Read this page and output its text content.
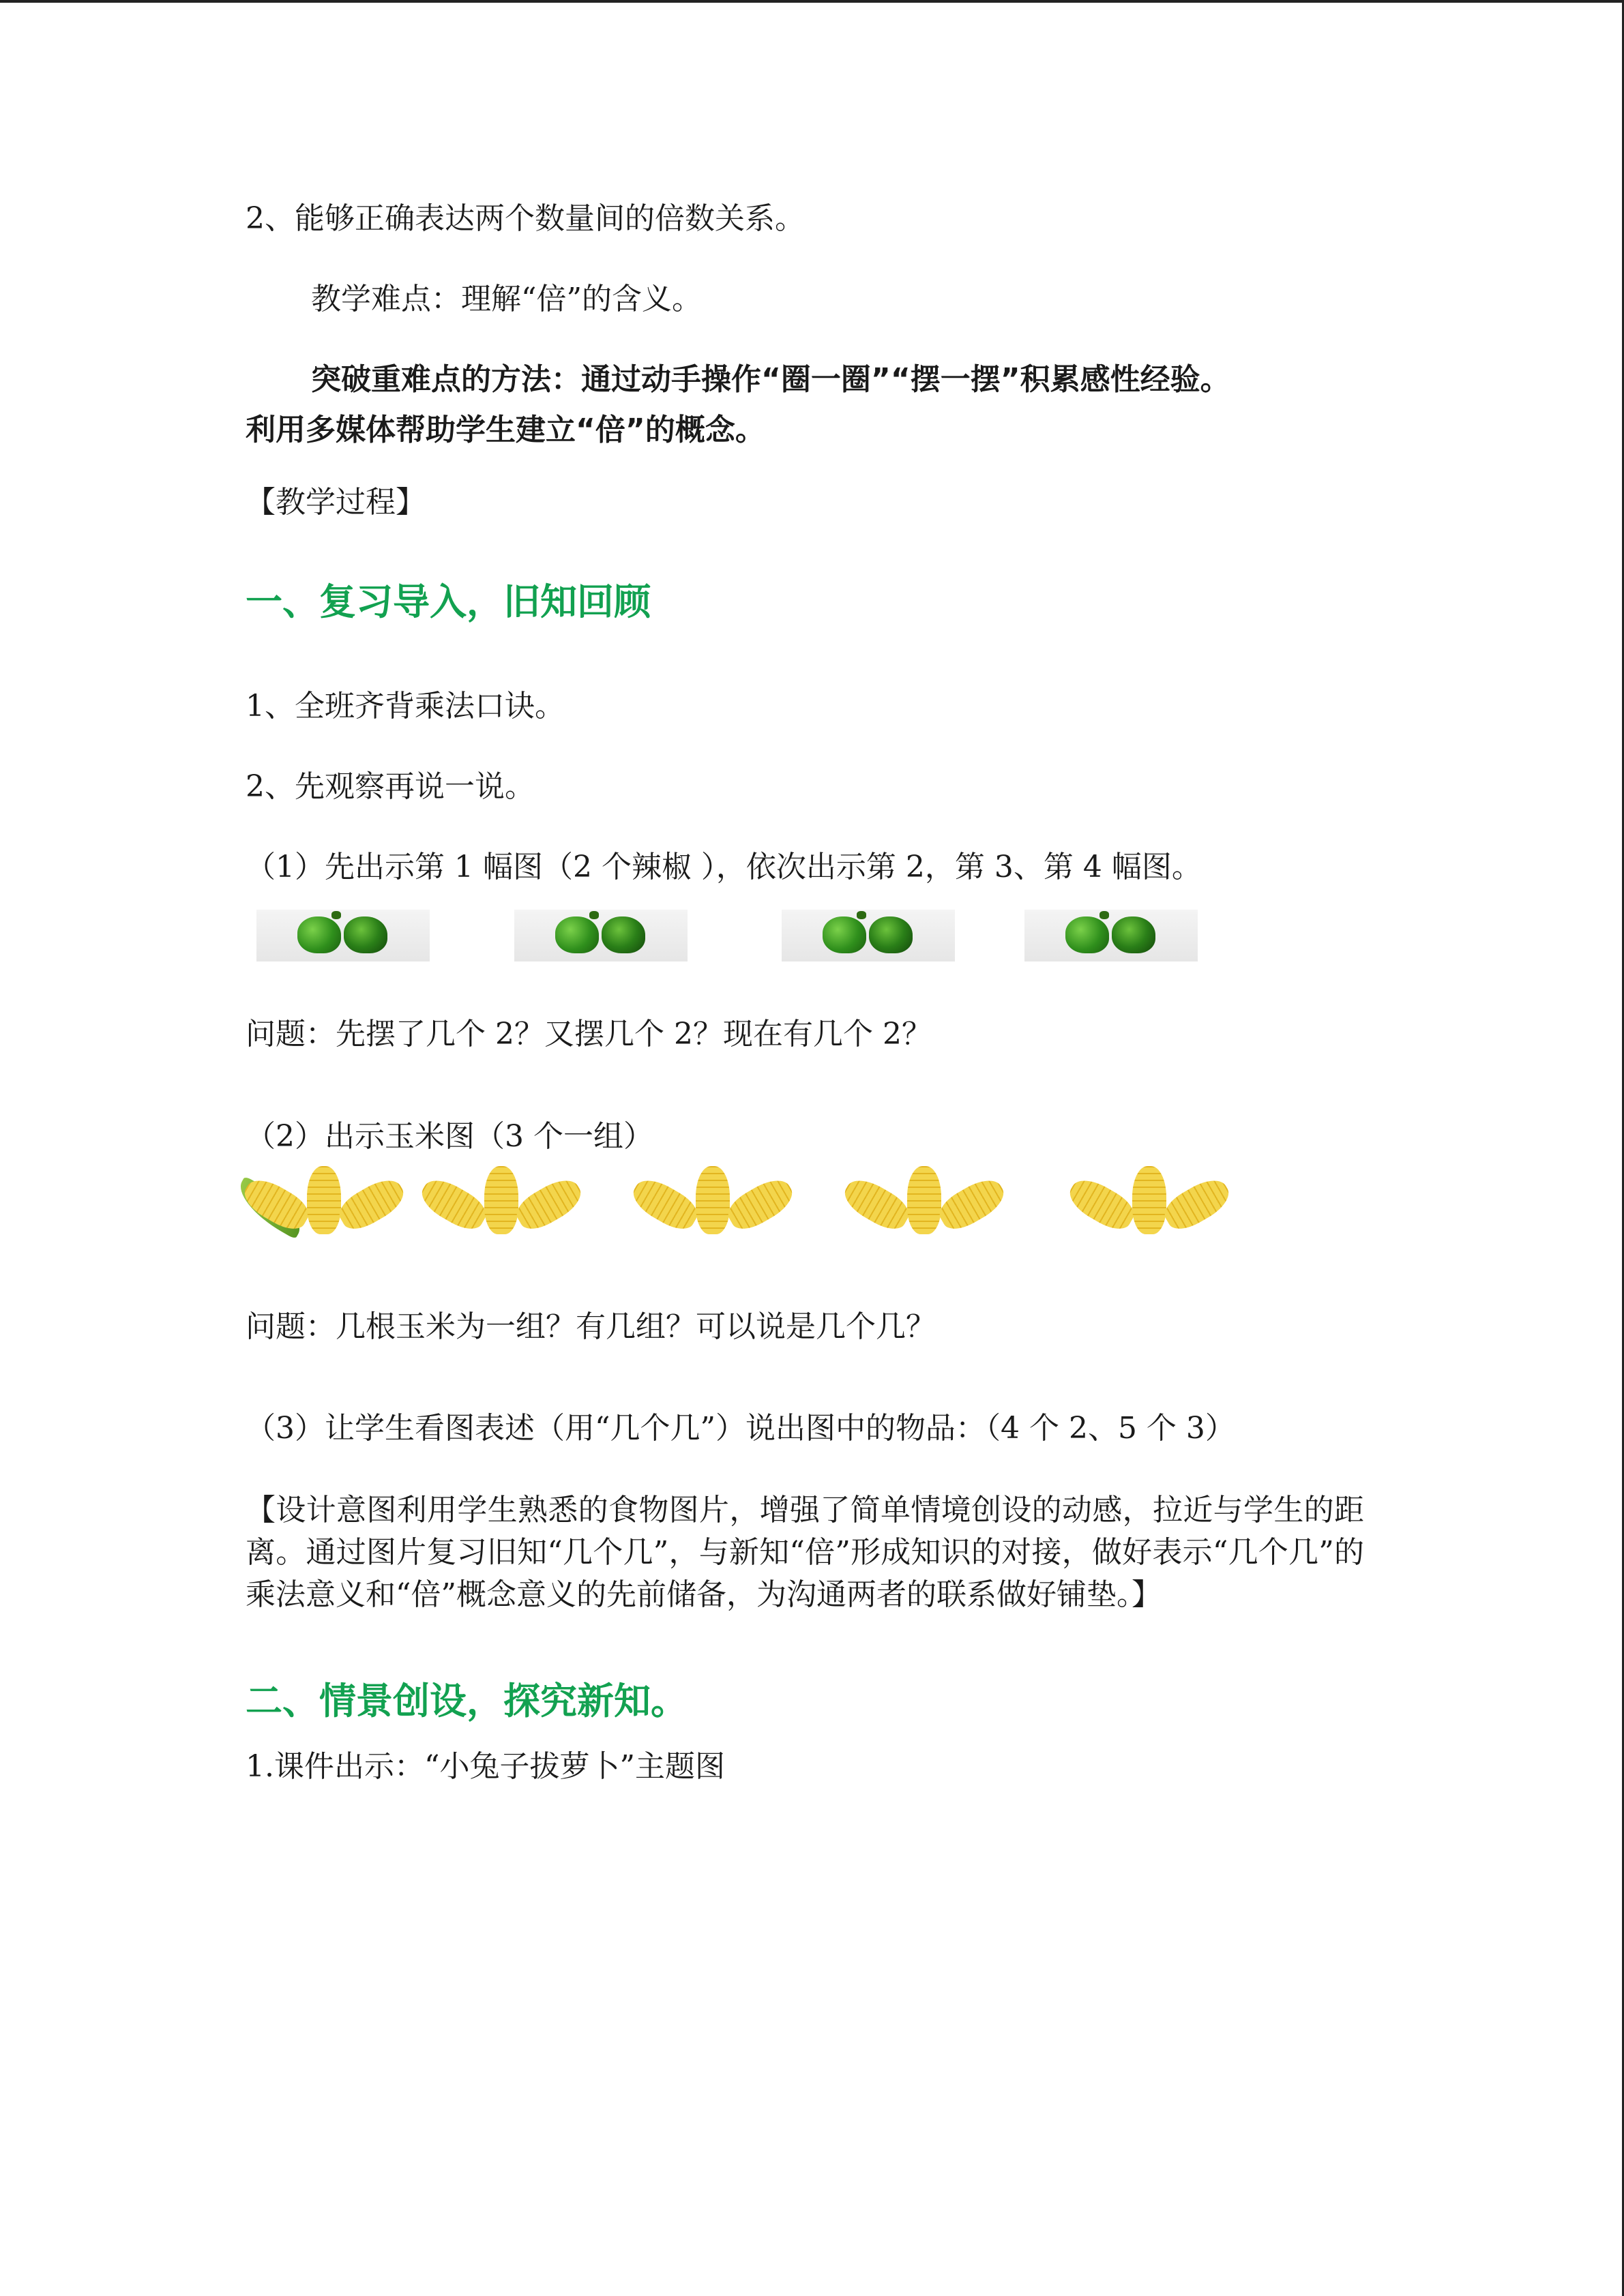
2、能够正确表达两个数量间的倍数关系。

教学难点：理解“倍”的含义。

突破重难点的方法：通过动手操作“圈一圈”“摆一摆”积累感性经验。

利用多媒体帮助学生建立“倍”的概念。

【教学过程】

一、复习导入，旧知回顾

1、全班齐背乘法口诀。

2、先观察再说一说。

（1）先出示第 1 幅图（2 个辣椒 ），依次出示第 2，第 3、第 4 幅图。

问题：先摆了几个 2？又摆几个 2？现在有几个 2？

（2）出示玉米图（3 个一组）

问题：几根玉米为一组？有几组？可以说是几个几？

（3）让学生看图表述（用“几个几”）说出图中的物品：（4 个 2、5 个 3）

【设计意图利用学生熟悉的食物图片，增强了简单情境创设的动感，拉近与学生的距离。通过图片复习旧知“几个几”，与新知“倍”形成知识的对接，做好表示“几个几”的乘法意义和“倍”概念意义的先前储备，为沟通两者的联系做好铺垫。】

二、情景创设，探究新知。

1.课件出示：“小兔子拔萝卜”主题图
